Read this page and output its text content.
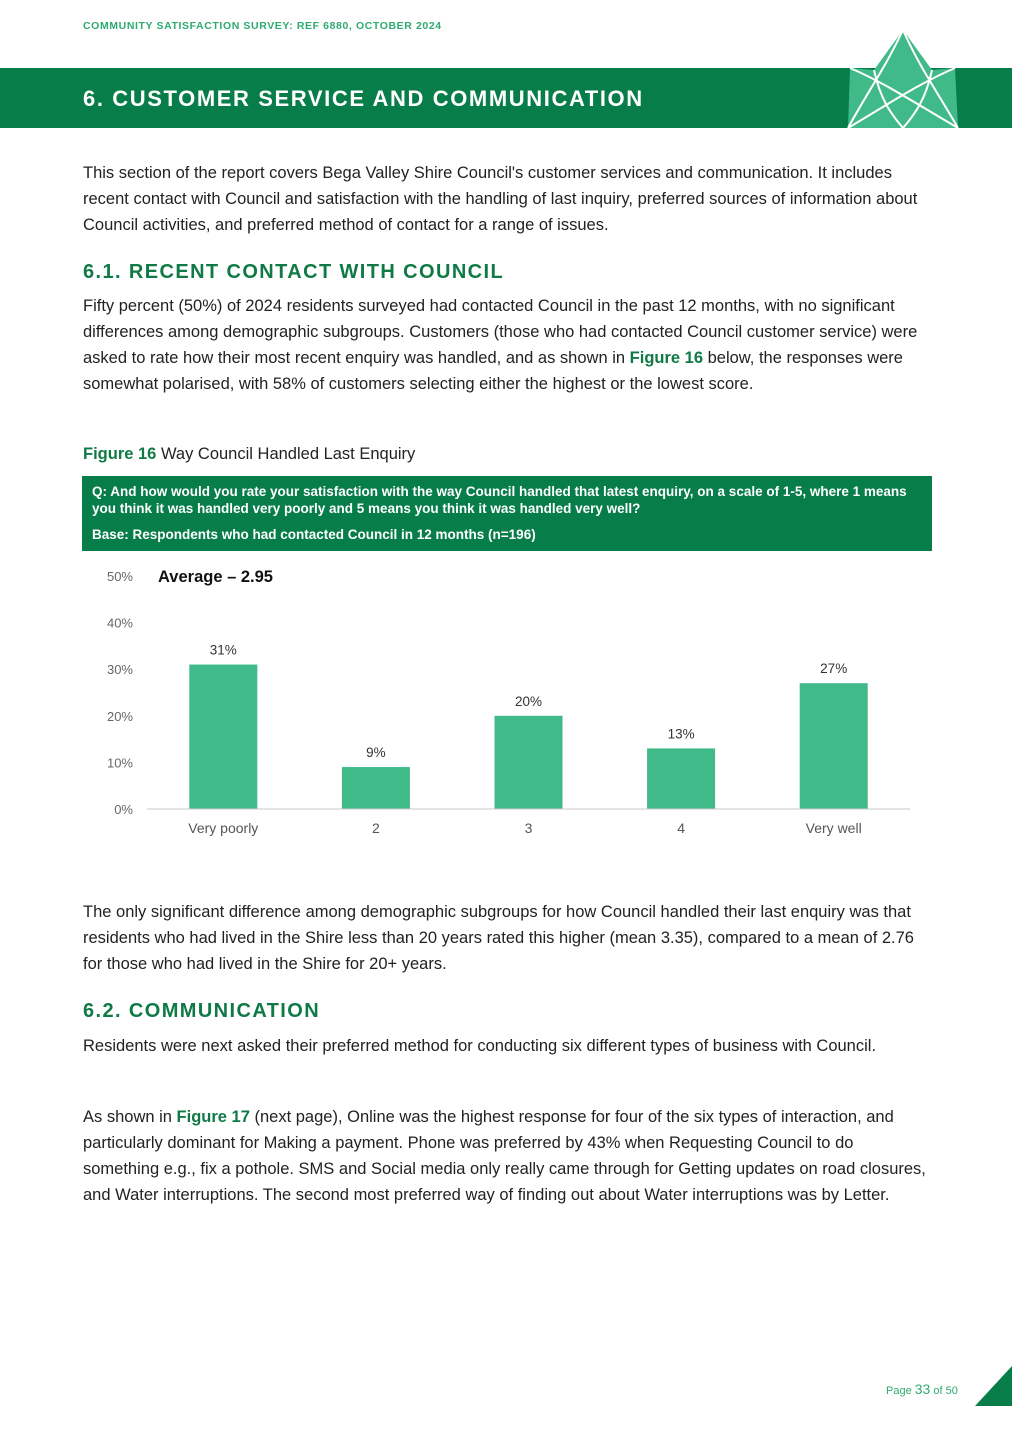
COMMUNITY SATISFACTION SURVEY: REF 6880, OCTOBER 2024
6. CUSTOMER SERVICE AND COMMUNICATION
This section of the report covers Bega Valley Shire Council's customer services and communication. It includes recent contact with Council and satisfaction with the handling of last inquiry, preferred sources of information about Council activities, and preferred method of contact for a range of issues.
6.1. RECENT CONTACT WITH COUNCIL
Fifty percent (50%) of 2024 residents surveyed had contacted Council in the past 12 months, with no significant differences among demographic subgroups. Customers (those who had contacted Council customer service) were asked to rate how their most recent enquiry was handled, and as shown in Figure 16 below, the responses were somewhat polarised, with 58% of customers selecting either the highest or the lowest score.
Figure 16 Way Council Handled Last Enquiry
Q: And how would you rate your satisfaction with the way Council handled that latest enquiry, on a scale of 1-5, where 1 means you think it was handled very poorly and 5 means you think it was handled very well?
Base: Respondents who had contacted Council in 12 months (n=196)
Average – 2.95
0%
10%
20%
30%
40%
50%
31%
9%
20%
13%
27%
Very poorly	2	3	4	Very well
The only significant difference among demographic subgroups for how Council handled their last enquiry was that residents who had lived in the Shire less than 20 years rated this higher (mean 3.35), compared to a mean of 2.76 for those who had lived in the Shire for 20+ years.
6.2. COMMUNICATION
Residents were next asked their preferred method for conducting six different types of business with Council.
As shown in Figure 17 (next page), Online was the highest response for four of the six types of interaction, and particularly dominant for Making a payment. Phone was preferred by 43% when Requesting Council to do something e.g., fix a pothole. SMS and Social media only really came through for Getting updates on road closures, and Water interruptions. The second most preferred way of finding out about Water interruptions was by Letter.
Page 33 of 50
